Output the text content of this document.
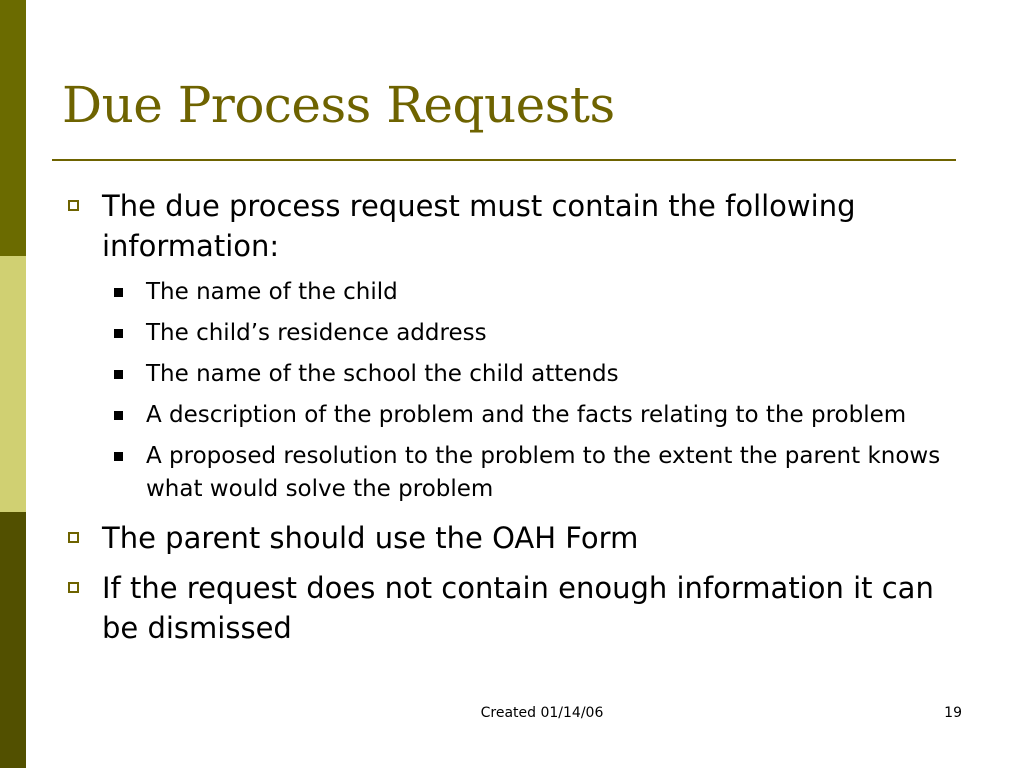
Due Process Requests
The due process request must contain the following information:
The name of the child
The child’s residence address
The name of the school the child attends
A description of the problem and the facts relating to the problem
A proposed resolution to the problem to the extent the parent knows what would solve the problem
The parent should use the OAH Form
If the request does not contain enough information it can be dismissed
Created 01/14/06	19
